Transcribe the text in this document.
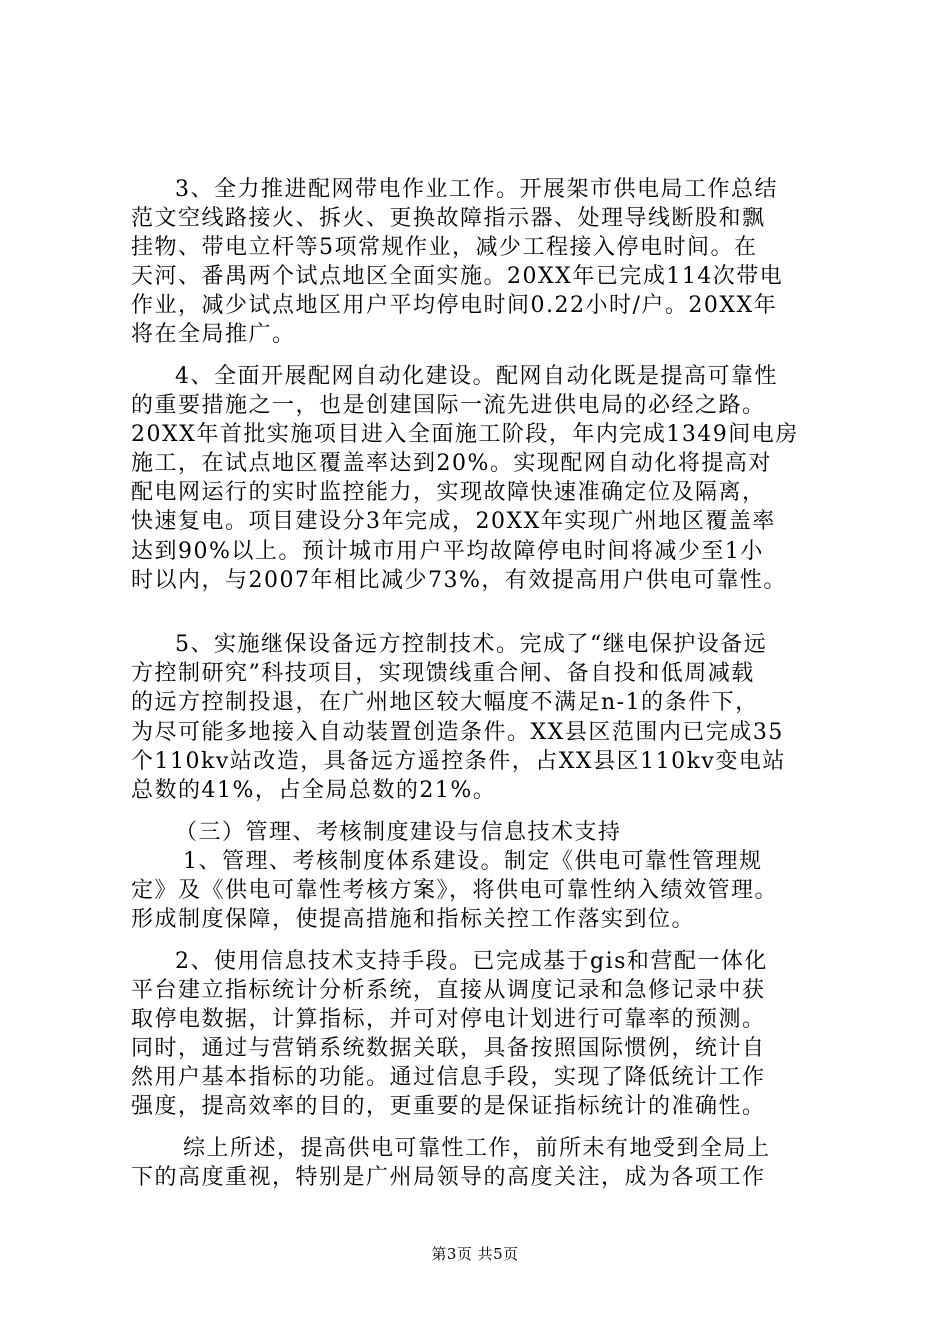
3、全力推进配网带电作业工作。开展架市供电局工作总结
范文空线路接火、拆火、更换故障指示器、处理导线断股和飘
挂物、带电立杆等5项常规作业，减少工程接入停电时间。在
天河、番禺两个试点地区全面实施。20XX年已完成114次带电
作业，减少试点地区用户平均停电时间0.22小时/户。20XX年
将在全局推广。
4、全面开展配网自动化建设。配网自动化既是提高可靠性
的重要措施之一，也是创建国际一流先进供电局的必经之路。
20XX年首批实施项目进入全面施工阶段，年内完成1349间电房
施工，在试点地区覆盖率达到20%。实现配网自动化将提高对
配电网运行的实时监控能力，实现故障快速准确定位及隔离，
快速复电。项目建设分3年完成，20XX年实现广州地区覆盖率
达到90%以上。预计城市用户平均故障停电时间将减少至1小
时以内，与2007年相比减少73%，有效提高用户供电可靠性。
5、实施继保设备远方控制技术。完成了“继电保护设备远
方控制研究”科技项目，实现馈线重合闸、备自投和低周减载
的远方控制投退，在广州地区较大幅度不满足n-1的条件下，
为尽可能多地接入自动装置创造条件。XX县区范围内已完成35
个110kv站改造，具备远方遥控条件，占XX县区110kv变电站
总数的41%，占全局总数的21%。
（三）管理、考核制度建设与信息技术支持
1、管理、考核制度体系建设。制定《供电可靠性管理规
定》及《供电可靠性考核方案》，将供电可靠性纳入绩效管理。
形成制度保障，使提高措施和指标关控工作落实到位。
2、使用信息技术支持手段。已完成基于gis和营配一体化
平台建立指标统计分析系统，直接从调度记录和急修记录中获
取停电数据，计算指标，并可对停电计划进行可靠率的预测。
同时，通过与营销系统数据关联，具备按照国际惯例，统计自
然用户基本指标的功能。通过信息手段，实现了降低统计工作
强度，提高效率的目的，更重要的是保证指标统计的准确性。
综上所述，提高供电可靠性工作，前所未有地受到全局上
下的高度重视，特别是广州局领导的高度关注，成为各项工作
第3页 共5页
